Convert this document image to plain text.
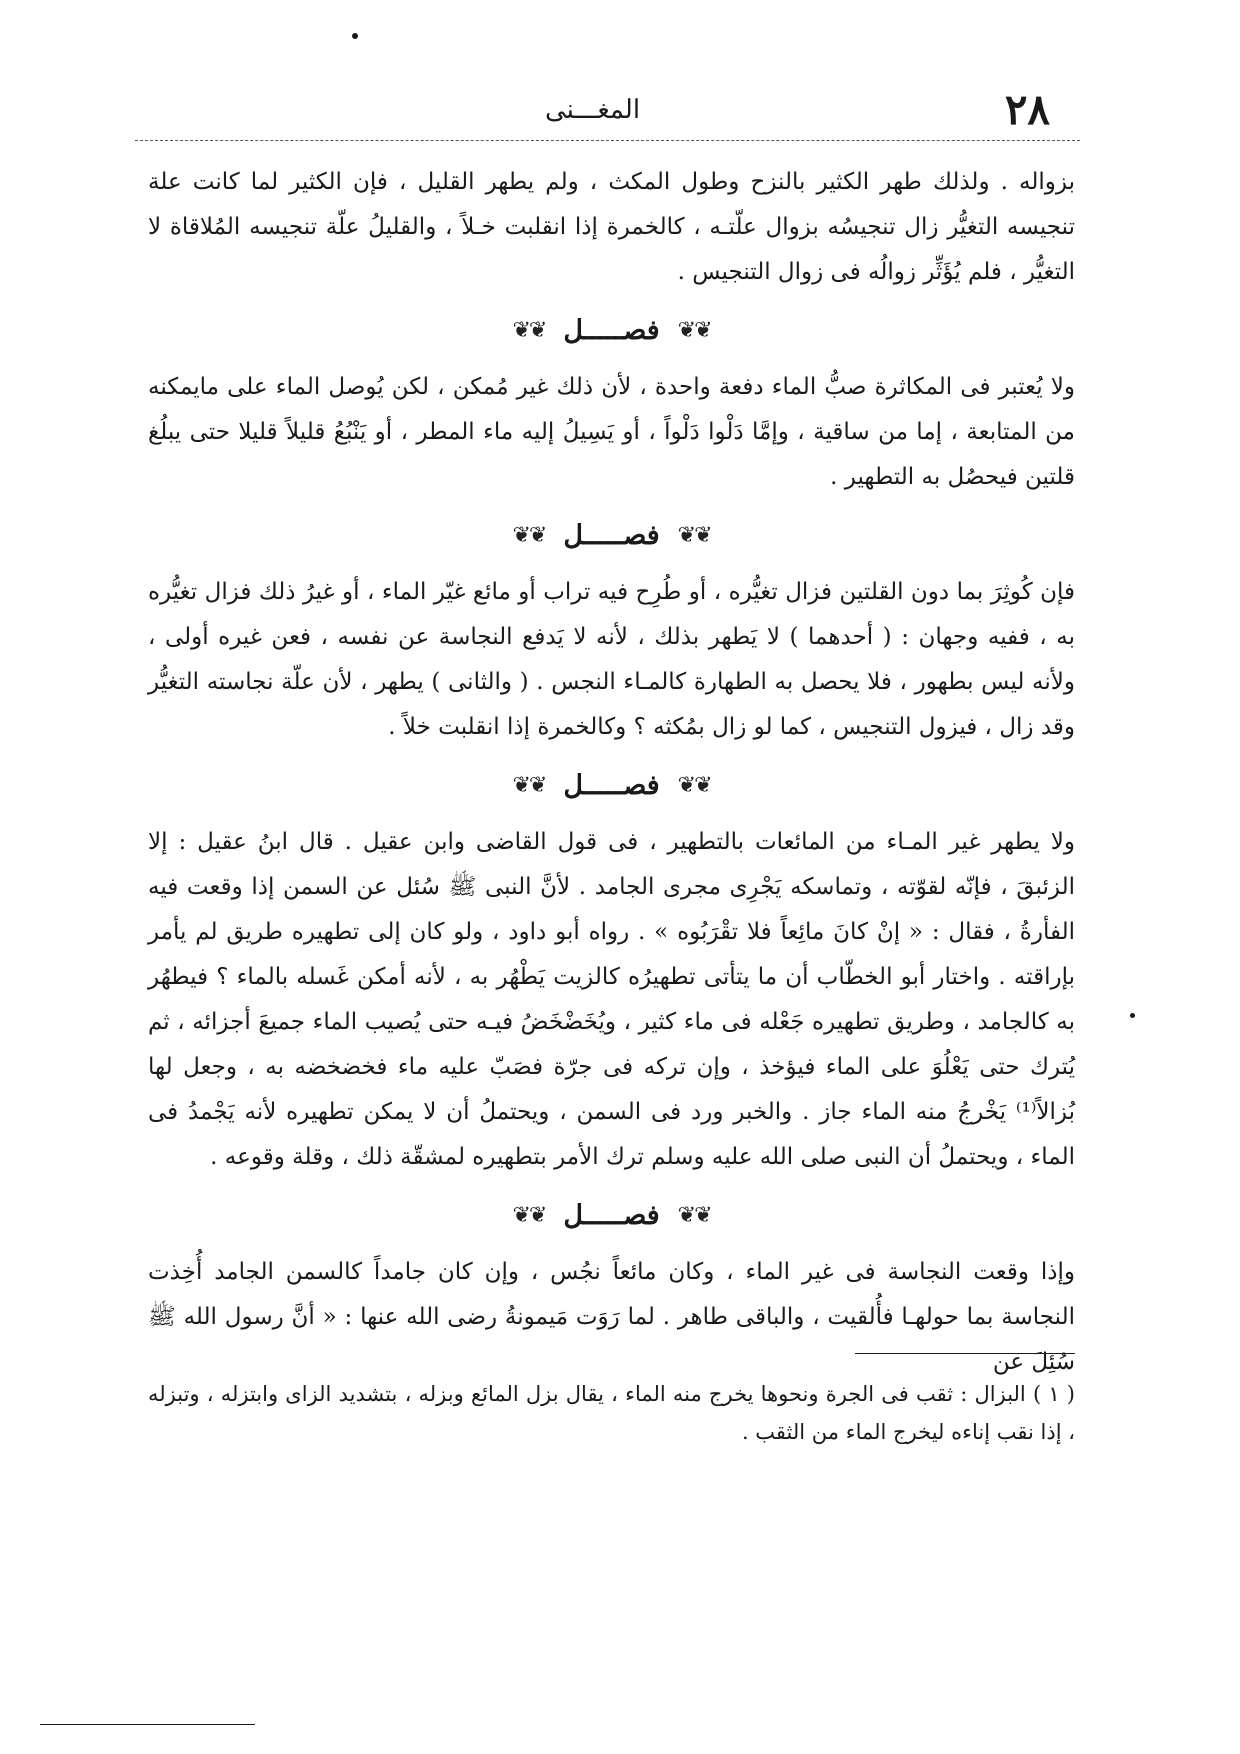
٢٨
المغـــنى

بزواله . ولذلك طهر الكثير بالنزح وطول المكث ، ولم يطهر القليل ، فإن الكثير لما كانت علة تنجيسه التغيُّر زال تنجيسُه بزوال علّتـه ، كالخمرة إذا انقلبت خـلاً ، والقليلُ علّة تنجيسه المُلاقاة لا التغيُّر ، فلم يُؤَثِّر زوالُه فى زوال التنجيس .

❦❦
فصـــــل
❦❦

ولا يُعتبر فى المكاثرة صبُّ الماء دفعة واحدة ، لأن ذلك غير مُمكن ، لكن يُوصل الماء على مايمكنه من المتابعة ، إما من ساقية ، وإمَّا دَلْوا دَلْواً ، أو يَسِيلُ إليه ماء المطر ، أو يَنْبُعُ قليلاً قليلا حتى يبلُغ قلتين فيحصُل به التطهير .

❦❦
فصـــــل
❦❦

فإن كُوثِرَ بما دون القلتين فزال تغيُّره ، أو طُرِح فيه تراب أو مائع غيّر الماء ، أو غيرُ ذلك فزال تغيُّره به ، ففيه وجهان : ( أحدهما ) لا يَطهر بذلك ، لأنه لا يَدفع النجاسة عن نفسه ، فعن غيره أولى ، ولأنه ليس بطهور ، فلا يحصل به الطهارة كالمـاء النجس . ( والثانى ) يطهر ، لأن علّة نجاسته التغيُّر وقد زال ، فيزول التنجيس ، كما لو زال بمُكثه ؟ وكالخمرة إذا انقلبت خلاً .

❦❦
فصـــــل
❦❦

ولا يطهر غير المـاء من المائعات بالتطهير ، فى قول القاضى وابن عقيل . قال ابنُ عقيل : إلا الزئبقَ ، فإنّه لقوّته ، وتماسكه يَجْرِى مجرى الجامد . لأنَّ النبى ﷺ سُئل عن السمن إذا وقعت فيه الفأرةُ ، فقال : « إنْ كانَ مائِعاً فلا تقْرَبُوه » . رواه أبو داود ، ولو كان إلى تطهيره طريق لم يأمر بإراقته . واختار أبو الخطّاب أن ما يتأتى تطهيرُه كالزيت يَطْهُر به ، لأنه أمكن غَسله بالماء ؟ فيطهُر به كالجامد ، وطريق تطهيره جَعْله فى ماء كثير ، ويُخَضْخَضُ فيـه حتى يُصيب الماء جميعَ أجزائه ، ثم يُترك حتى يَعْلُوَ على الماء فيؤخذ ، وإن تركه فى جرّة فصَبّ عليه ماء فخضخضه به ، وجعل لها بُزالاً⁽¹⁾ يَخْرجُ منه الماء جاز . والخبر ورد فى السمن ، ويحتملُ أن لا يمكن تطهيره لأنه يَجْمدُ فى الماء ، ويحتملُ أن النبى صلى الله عليه وسلم ترك الأمر بتطهيره لمشقّة ذلك ، وقلة وقوعه .

❦❦
فصـــــل
❦❦

وإذا وقعت النجاسة فى غير الماء ، وكان مائعاً نجُس ، وإن كان جامداً كالسمن الجامد أُخِذت النجاسة بما حولهـا فأُلقيت ، والباقى طاهر . لما رَوَت مَيمونةُ رضى الله عنها : « أنَّ رسول الله ﷺ سُئِلَ عن

( ١ ) البزال : ثقب فى الجرة ونحوها يخرج منه الماء ، يقال بزل المائع وبزله ، بتشديد الزاى وابتزله ، وتبزله ، إذا نقب إناءه ليخرج الماء من الثقب .
